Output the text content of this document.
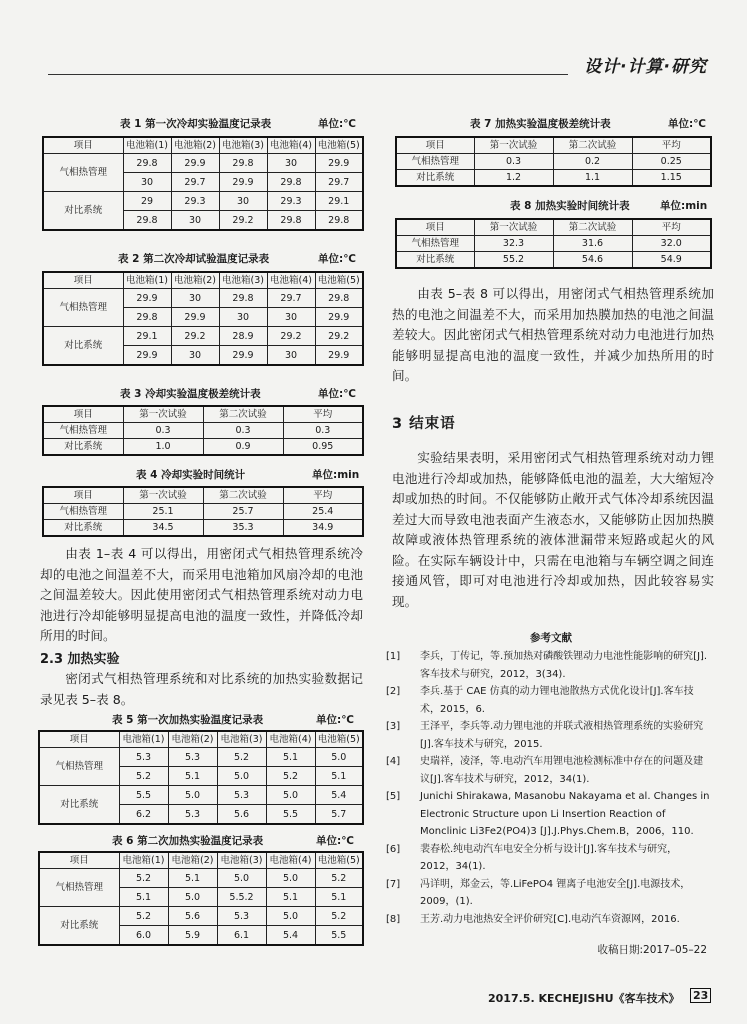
设计·计算·研究
表 1 第一次冷却实验温度记录表	单位:℃
项目	电池箱(1)	电池箱(2)	电池箱(3)	电池箱(4)	电池箱(5)
气相热管理	29.8	29.9	29.8	30	29.9
	30	29.7	29.9	29.8	29.7
对比系统	29	29.3	30	29.3	29.1
	29.8	30	29.2	29.8	29.8
表 2 第二次冷却试验温度记录表	单位:℃
项目	电池箱(1)	电池箱(2)	电池箱(3)	电池箱(4)	电池箱(5)
气相热管理	29.9	30	29.8	29.7	29.8
	29.8	29.9	30	30	29.9
对比系统	29.1	29.2	28.9	29.2	29.2
	29.9	30	29.9	30	29.9
表 3 冷却实验温度极差统计表	单位:℃
项目	第一次试验	第二次试验	平均
气相热管理	0.3	0.3	0.3
对比系统	1.0	0.9	0.95
表 4 冷却实验时间统计	单位:min
项目	第一次试验	第二次试验	平均
气相热管理	25.1	25.7	25.4
对比系统	34.5	35.3	34.9

由表 1–表 4 可以得出，用密闭式气相热管理系统冷却的电池之间温差不大，而采用电池箱加风扇冷却的电池之间温差较大。因此使用密闭式气相热管理系统对动力电池进行冷却能够明显提高电池的温度一致性，并降低冷却所用的时间。

2.3 加热实验

密闭式气相热管理系统和对比系统的加热实验数据记录见表 5–表 8。

表 5 第一次加热实验温度记录表	单位:℃
项目	电池箱(1)	电池箱(2)	电池箱(3)	电池箱(4)	电池箱(5)
气相热管理	5.3	5.3	5.2	5.1	5.0
	5.2	5.1	5.0	5.2	5.1
对比系统	5.5	5.0	5.3	5.0	5.4
	6.2	5.3	5.6	5.5	5.7
表 6 第二次加热实验温度记录表	单位:℃
项目	电池箱(1)	电池箱(2)	电池箱(3)	电池箱(4)	电池箱(5)
气相热管理	5.2	5.1	5.0	5.0	5.2
	5.1	5.0	5.5.2	5.1	5.1
对比系统	5.2	5.6	5.3	5.0	5.2
	6.0	5.9	6.1	5.4	5.5
表 7 加热实验温度极差统计表	单位:℃
项目	第一次试验	第二次试验	平均
气相热管理	0.3	0.2	0.25
对比系统	1.2	1.1	1.15
表 8 加热实验时间统计表	单位:min
项目	第一次试验	第二次试验	平均
气相热管理	32.3	31.6	32.0
对比系统	55.2	54.6	54.9

由表 5–表 8 可以得出，用密闭式气相热管理系统加热的电池之间温差不大，而采用加热膜加热的电池之间温差较大。因此密闭式气相热管理系统对动力电池进行加热能够明显提高电池的温度一致性，并减少加热所用的时间。

3 结束语

实验结果表明，采用密闭式气相热管理系统对动力锂电池进行冷却或加热，能够降低电池的温差，大大缩短冷却或加热的时间。不仅能够防止敞开式气体冷却系统因温差过大而导致电池表面产生液态水，又能够防止因加热膜故障或液体热管理系统的液体泄漏带来短路或起火的风险。在实际车辆设计中，只需在电池箱与车辆空调之间连接通风管，即可对电池进行冷却或加热，因此较容易实现。

参考文献
[1] 李兵，丁传记，等.预加热对磷酸铁锂动力电池性能影响的研究[J].客车技术与研究，2012，3(34).
[2] 李兵.基于 CAE 仿真的动力锂电池散热方式优化设计[J].客车技术，2015，6.
[3] 王泽平，李兵等.动力锂电池的并联式液相热管理系统的实验研究[J].客车技术与研究，2015.
[4] 史瑞祥，凌泽，等.电动汽车用锂电池检测标准中存在的问题及建议[J].客车技术与研究，2012，34(1).
[5] Junichi Shirakawa, Masanobu Nakayama et al. Changes in Electronic Structure upon Li Insertion Reaction of Monclinic Li3Fe2(PO4)3 [J].J.Phys.Chem.B，2006，110.
[6] 裴春松.纯电动汽车电安全分析与设计[J].客车技术与研究，2012，34(1).
[7] 冯详明，郑金云，等.LiFePO4 锂离子电池安全[J].电源技术，2009，(1).
[8] 王芳.动力电池热安全评价研究[C].电动汽车资源网，2016.
收稿日期:2017–05–22
2017.5. KECHEJISHU《客车技术》 23
